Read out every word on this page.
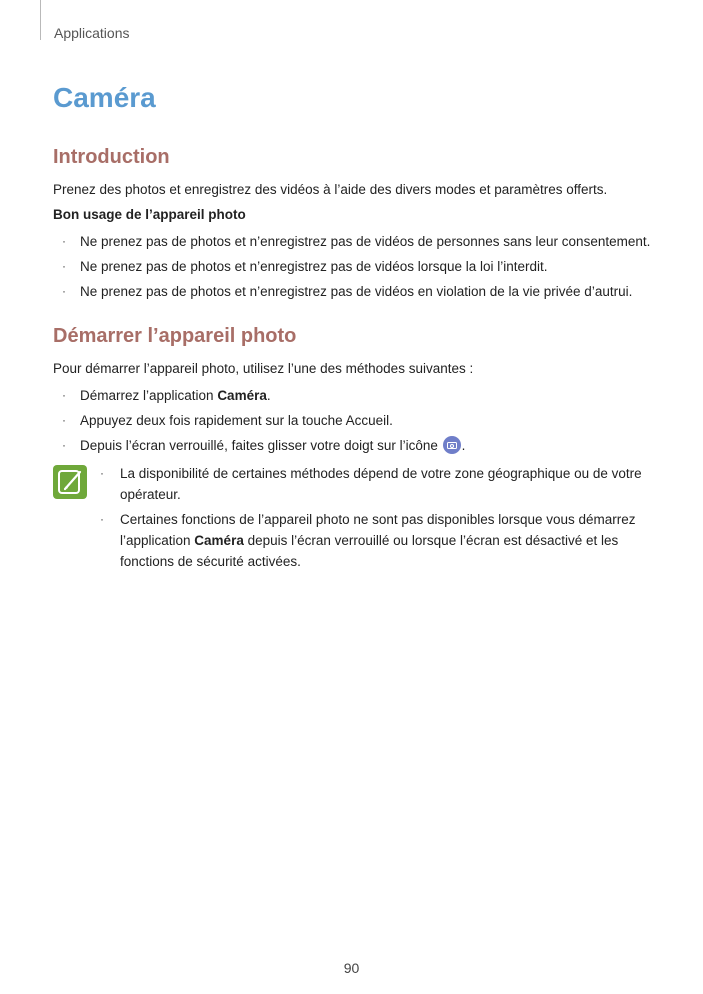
Applications
Caméra
Introduction

Prenez des photos et enregistrez des vidéos à l’aide des divers modes et paramètres offerts.

Bon usage de l’appareil photo

· Ne prenez pas de photos et n’enregistrez pas de vidéos de personnes sans leur consentement.
· Ne prenez pas de photos et n’enregistrez pas de vidéos lorsque la loi l’interdit.
· Ne prenez pas de photos et n’enregistrez pas de vidéos en violation de la vie privée d’autrui.
Démarrer l’appareil photo

Pour démarrer l’appareil photo, utilisez l’une des méthodes suivantes :

· Démarrez l’application Caméra.
· Appuyez deux fois rapidement sur la touche Accueil.
· Depuis l’écran verrouillé, faites glisser votre doigt sur l’icône .
· La disponibilité de certaines méthodes dépend de votre zone géographique ou de votre opérateur.
· Certaines fonctions de l’appareil photo ne sont pas disponibles lorsque vous démarrez l’application Caméra depuis l’écran verrouillé ou lorsque l’écran est désactivé et les fonctions de sécurité activées.
90
